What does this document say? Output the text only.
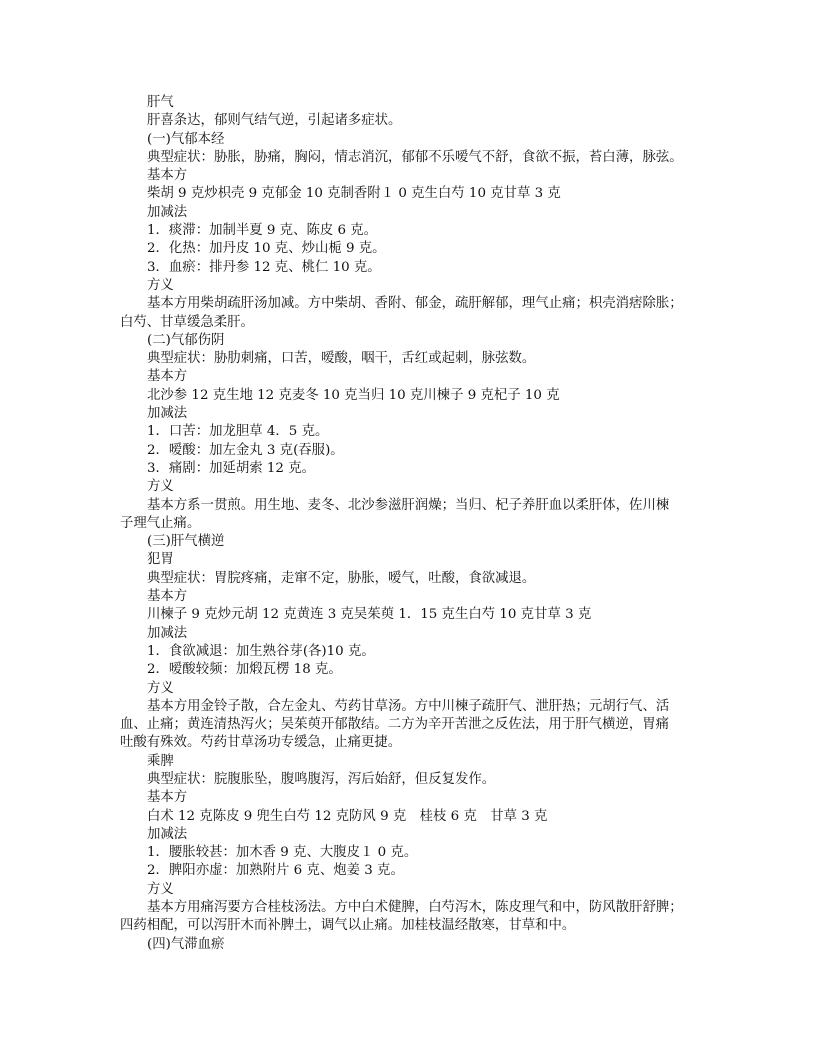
肝气
肝喜条达，郁则气结气逆，引起诸多症状。
(一)气郁本经
典型症状：胁胀，胁痛，胸闷，情志消沉，郁郁不乐嗳气不舒，食欲不振，苔白薄，脉弦。
基本方
柴胡 9 克炒枳壳 9 克郁金 10 克制香附１ 0 克生白芍 10 克甘草 3 克
加减法
1．痰滞：加制半夏 9 克、陈皮 6 克。
2．化热：加丹皮 10 克、炒山栀 9 克。
3．血瘀：排丹参 12 克、桃仁 10 克。
方义
基本方用柴胡疏肝汤加减。方中柴胡、香附、郁金，疏肝解郁，理气止痛；枳壳消痞除胀；
白芍、甘草缓急柔肝。
(二)气郁伤阴
典型症状：胁肋刺痛，口苦，嗳酸，咽干，舌红或起刺，脉弦数。
基本方
北沙参 12 克生地 12 克麦冬 10 克当归 10 克川楝子 9 克杞子 10 克
加减法
1．口苦：加龙胆草 4．5 克。
2．嗳酸：加左金丸 3 克(吞服)。
3．痛剧：加延胡索 12 克。
方义
基本方系一贯煎。用生地、麦冬、北沙参滋肝润燥；当归、杞子养肝血以柔肝体，佐川楝
子理气止痛。
(三)肝气横逆
犯胃
典型症状：胃脘疼痛，走窜不定，胁胀，嗳气，吐酸，食欲减退。
基本方
川楝子 9 克炒元胡 12 克黄连 3 克吴茱萸 1．15 克生白芍 10 克甘草 3 克
加减法
1．食欲减退：加生熟谷芽(各)10 克。
2．嗳酸较频：加煅瓦楞 18 克。
方义
基本方用金铃子散，合左金丸、芍药甘草汤。方中川楝子疏肝气、泄肝热；元胡行气、活
血、止痛；黄连清热泻火；吴茱萸开郁散结。二方为辛开苦泄之反佐法，用于肝气横逆，胃痛
吐酸有殊效。芍药甘草汤功专缓急，止痛更捷。
乘脾
典型症状：脘腹胀坠，腹鸣腹泻，泻后始舒，但反复发作。
基本方
白术 12 克陈皮 9 兜生白芍 12 克防风 9 克　桂枝 6 克　甘草 3 克
加减法
1．腰胀较甚：加木香 9 克、大腹皮１ 0 克。
2．脾阳亦虚：加熟附片 6 克、炮姜 3 克。
方义
基本方用痛泻要方合桂枝汤法。方中白术健脾，白芍泻木，陈皮理气和中，防风散肝舒脾；
四药相配，可以泻肝木而补脾土，调气以止痛。加桂枝温经散寒，甘草和中。
(四)气滞血瘀
